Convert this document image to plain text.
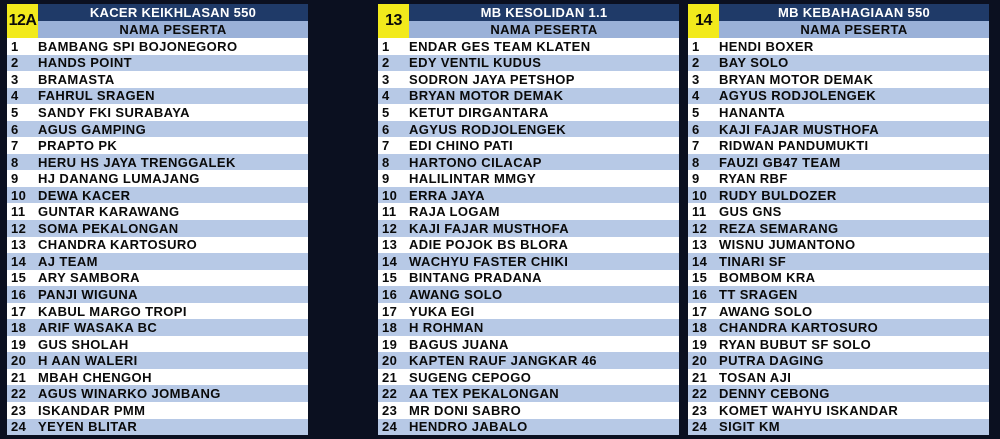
12A	KACER KEIKHLASAN 550
NAMA PESERTA
1	BAMBANG SPI BOJONEGORO
2	HANDS POINT
3	BRAMASTA
4	FAHRUL SRAGEN
5	SANDY FKI SURABAYA
6	AGUS GAMPING
7	PRAPTO PK
8	HERU HS JAYA TRENGGALEK
9	HJ DANANG LUMAJANG
10 DEWA KACER
11 GUNTAR KARAWANG
12 SOMA PEKALONGAN
13 CHANDRA KARTOSURO
14 AJ TEAM
15 ARY SAMBORA
16 PANJI WIGUNA
17 KABUL MARGO TROPI
18 ARIF WASAKA BC
19 GUS SHOLAH
20 H AAN WALERI
21 MBAH CHENGOH
22 AGUS WINARKO JOMBANG
23 ISKANDAR PMM
24 YEYEN BLITAR
13	MB KESOLIDAN 1.1
NAMA PESERTA
1	ENDAR GES TEAM KLATEN
2	EDY VENTIL KUDUS
3	SODRON JAYA PETSHOP
4	BRYAN MOTOR DEMAK
5	KETUT DIRGANTARA
6	AGYUS RODJOLENGEK
7	EDI CHINO PATI
8	HARTONO CILACAP
9	HALILINTAR MMGY
10 ERRA JAYA
11 RAJA LOGAM
12 KAJI FAJAR MUSTHOFA
13 ADIE POJOK BS BLORA
14 WACHYU FASTER CHIKI
15 BINTANG PRADANA
16 AWANG SOLO
17 YUKA EGI
18 H ROHMAN
19 BAGUS JUANA
20 KAPTEN RAUF JANGKAR 46
21 SUGENG CEPOGO
22 AA TEX PEKALONGAN
23 MR DONI SABRO
24 HENDRO JABALO
14	MB KEBAHAGIAAN 550
NAMA PESERTA
1	HENDI BOXER
2	BAY SOLO
3	BRYAN MOTOR DEMAK
4	AGYUS RODJOLENGEK
5	HANANTA
6	KAJI FAJAR MUSTHOFA
7	RIDWAN PANDUMUKTI
8	FAUZI GB47 TEAM
9	RYAN RBF
10 RUDY BULDOZER
11 GUS GNS
12 REZA SEMARANG
13 WISNU JUMANTONO
14 TINARI SF
15 BOMBOM KRA
16 TT SRAGEN
17 AWANG SOLO
18 CHANDRA KARTOSURO
19 RYAN BUBUT SF SOLO
20 PUTRA DAGING
21 TOSAN AJI
22 DENNY CEBONG
23 KOMET WAHYU ISKANDAR
24 SIGIT KM
